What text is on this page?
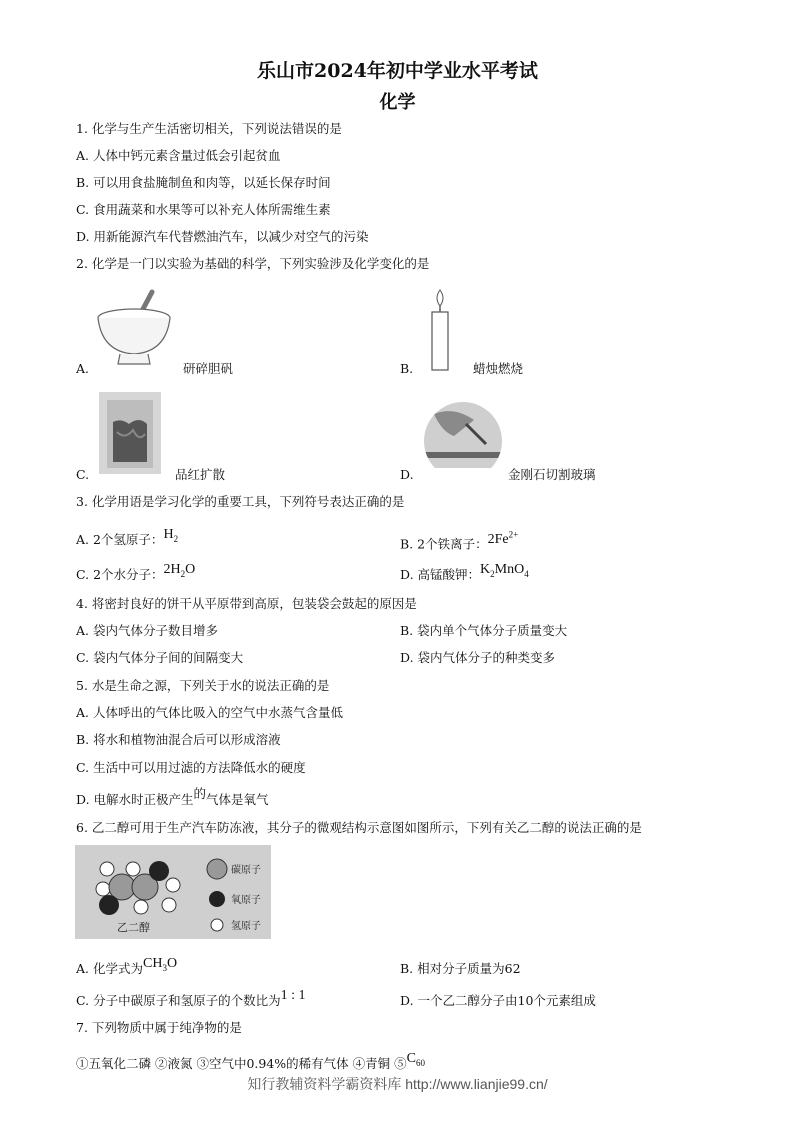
乐山市2024年初中学业水平考试
化学
1. 化学与生产生活密切相关，下列说法错误的是
A. 人体中钙元素含量过低会引起贫血
B. 可以用食盐腌制鱼和肉等，以延长保存时间
C. 食用蔬菜和水果等可以补充人体所需维生素
D. 用新能源汽车代替燃油汽车，以减少对空气的污染
2. 化学是一门以实验为基础的科学，下列实验涉及化学变化的是
A.	研碎胆矾	B.	蜡烛燃烧
C.	品红扩散	D.	金刚石切割玻璃
3. 化学用语是学习化学的重要工具，下列符号表达正确的是
A. 2个氢原子：$H_2$	B. 2个铁离子：$2Fe^{2+}$
C. 2个水分子：$2H_2O$	D. 高锰酸钾：$K_2MnO_4$
4. 将密封良好的饼干从平原带到高原，包装袋会鼓起的原因是
A. 袋内气体分子数目增多	B. 袋内单个气体分子质量变大
C. 袋内气体分子间的间隔变大	D. 袋内气体分子的种类变多
5. 水是生命之源，下列关于水的说法正确的是
A. 人体呼出的气体比吸入的空气中水蒸气含量低
B. 将水和植物油混合后可以形成溶液
C. 生活中可以用过滤的方法降低水的硬度
D. 电解水时正极产生的气体是氧气
6. 乙二醇可用于生产汽车防冻液，其分子的微观结构示意图如图所示，下列有关乙二醇的说法正确的是
乙二醇
碳原子
氧原子
氢原子
A. 化学式为$CH_3O$	B. 相对分子质量为62
C. 分子中碳原子和氢原子的个数比为1 : 1	D. 一个乙二醇分子由10个元素组成
7. 下列物质中属于纯净物的是
①五氧化二磷 ②液氮 ③空气中0.94%的稀有气体 ④青铜 $⑤C_{60}$
知行教辅资料学霸资料库 http://www.lianjie99.cn/
